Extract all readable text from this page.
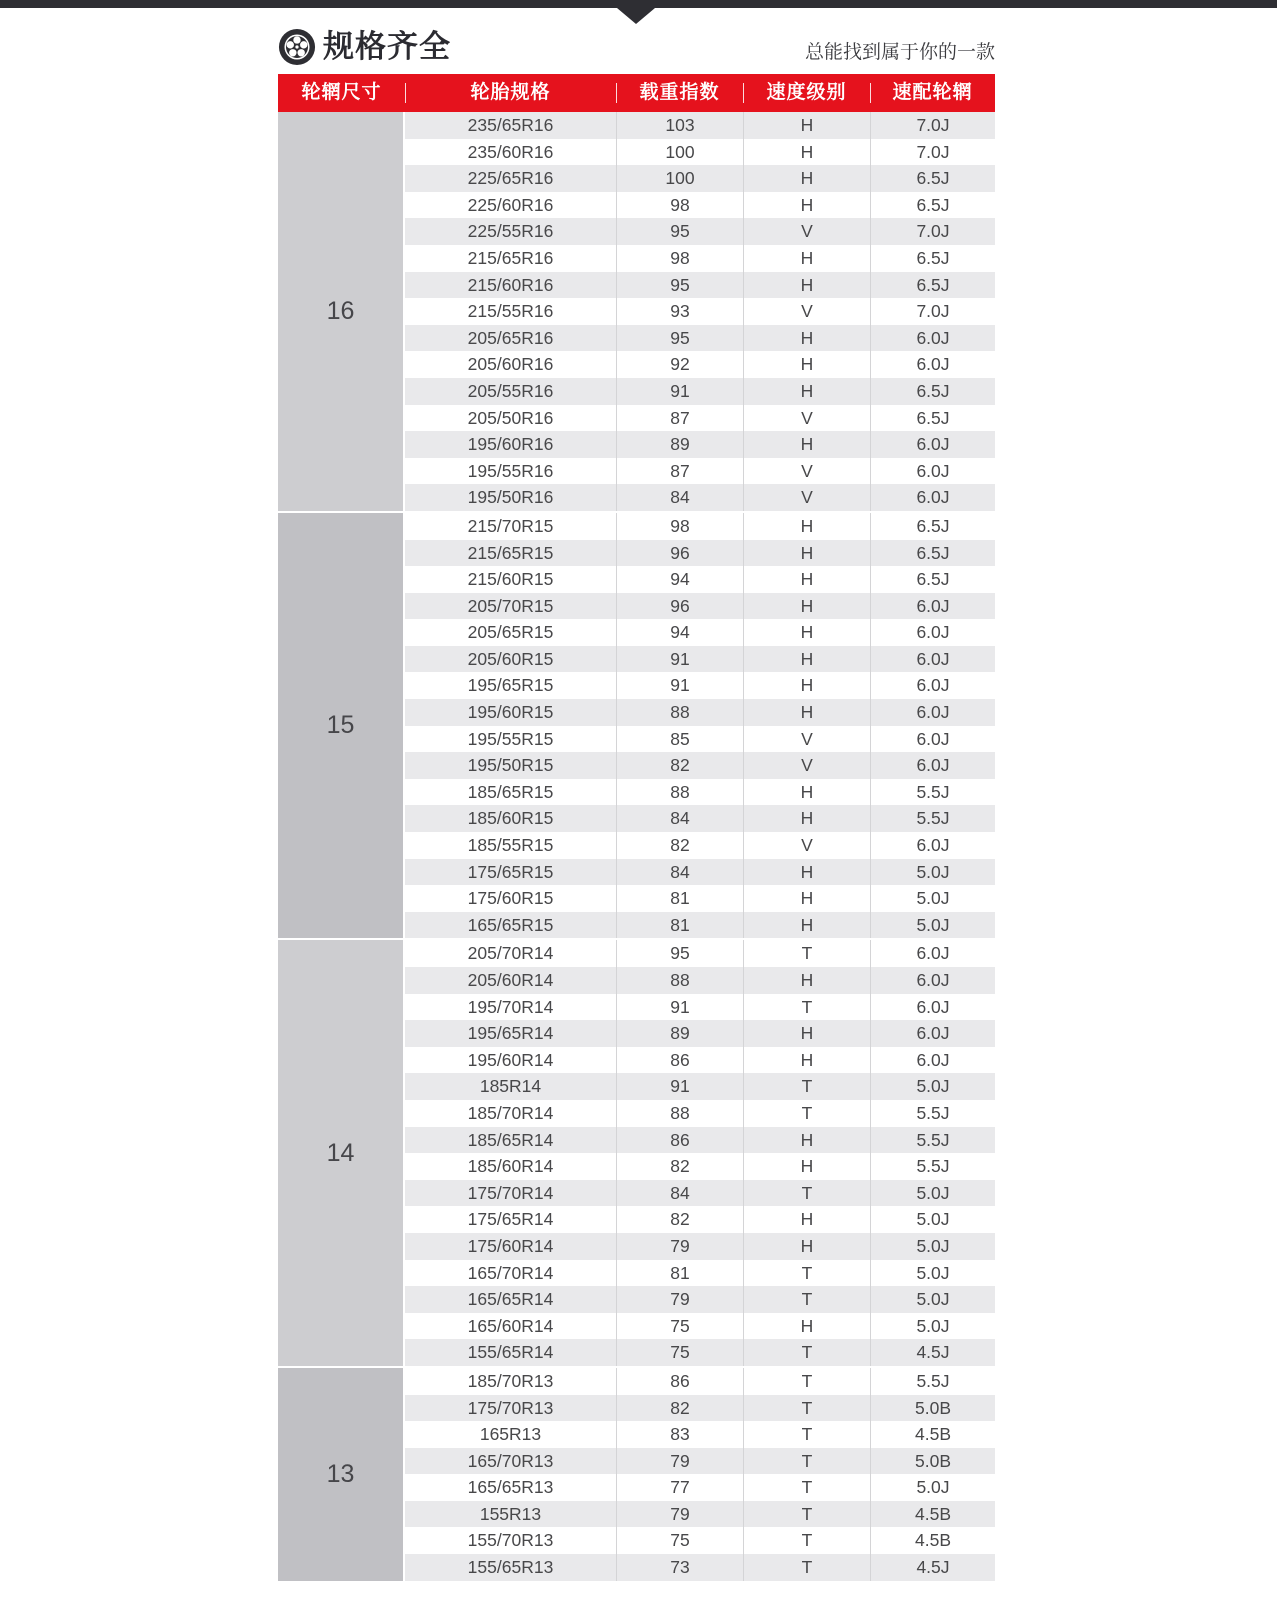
规格齐全	总能找到属于你的一款
轮辋尺寸	轮胎规格	载重指数	速度级别	速配轮辋
16
235/65R16	103	H	7.0J
235/60R16	100	H	7.0J
225/65R16	100	H	6.5J
225/60R16	98	H	6.5J
225/55R16	95	V	7.0J
215/65R16	98	H	6.5J
215/60R16	95	H	6.5J
215/55R16	93	V	7.0J
205/65R16	95	H	6.0J
205/60R16	92	H	6.0J
205/55R16	91	H	6.5J
205/50R16	87	V	6.5J
195/60R16	89	H	6.0J
195/55R16	87	V	6.0J
195/50R16	84	V	6.0J
15
215/70R15	98	H	6.5J
215/65R15	96	H	6.5J
215/60R15	94	H	6.5J
205/70R15	96	H	6.0J
205/65R15	94	H	6.0J
205/60R15	91	H	6.0J
195/65R15	91	H	6.0J
195/60R15	88	H	6.0J
195/55R15	85	V	6.0J
195/50R15	82	V	6.0J
185/65R15	88	H	5.5J
185/60R15	84	H	5.5J
185/55R15	82	V	6.0J
175/65R15	84	H	5.0J
175/60R15	81	H	5.0J
165/65R15	81	H	5.0J
14
205/70R14	95	T	6.0J
205/60R14	88	H	6.0J
195/70R14	91	T	6.0J
195/65R14	89	H	6.0J
195/60R14	86	H	6.0J
185R14	91	T	5.0J
185/70R14	88	T	5.5J
185/65R14	86	H	5.5J
185/60R14	82	H	5.5J
175/70R14	84	T	5.0J
175/65R14	82	H	5.0J
175/60R14	79	H	5.0J
165/70R14	81	T	5.0J
165/65R14	79	T	5.0J
165/60R14	75	H	5.0J
155/65R14	75	T	4.5J
13
185/70R13	86	T	5.5J
175/70R13	82	T	5.0B
165R13	83	T	4.5B
165/70R13	79	T	5.0B
165/65R13	77	T	5.0J
155R13	79	T	4.5B
155/70R13	75	T	4.5B
155/65R13	73	T	4.5J
